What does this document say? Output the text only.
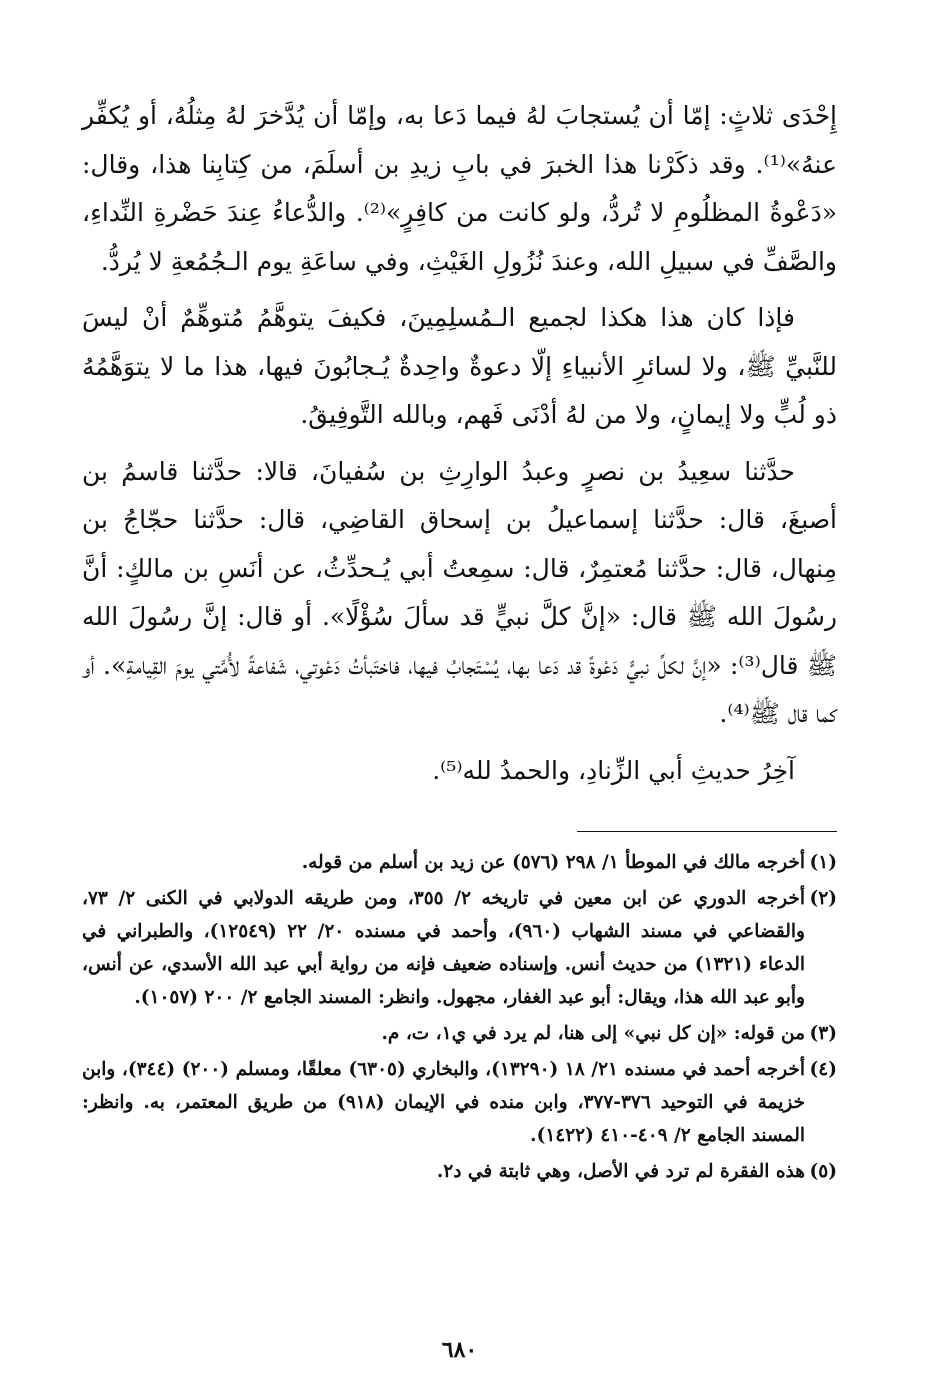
إِحْدَى ثلاثٍ: إمّا أن يُستجابَ لهُ فيما دَعا به، وإمّا أن يُدَّخرَ لهُ مِثلُهُ، أو يُكفِّر عنهُ»⁽¹⁾. وقد ذكَرْنا هذا الخبرَ في بابِ زيدِ بن أسلَمَ، من كِتابِنا هذا، وقال: «دَعْوةُ المظلُومِ لا تُردُّ، ولو كانت من كافِرٍ»⁽²⁾. والدُّعاءُ عِندَ حَضْرةِ النِّداءِ، والصَّفِّ في سبيلِ الله، وعندَ نُزُولِ الغَيْثِ، وفي ساعَةِ يوم الـجُمُعةِ لا يُردُّ.

فإذا كان هذا هكذا لجميع الـمُسلِمِينَ، فكيفَ يتوهَّمُ مُتوهِّمٌ أنْ ليسَ للنَّبيِّ ﷺ، ولا لسائرِ الأنبياءِ إلّا دعوةٌ واحِدةٌ يُـجابُونَ فيها، هذا ما لا يتوَهَّمُهُ ذو لُبٍّ ولا إيمانٍ، ولا من لهُ أدْنَى فَهم، وبالله التَّوفِيقُ.

حدَّثنا سعِيدُ بن نصرٍ وعبدُ الوارِثِ بن سُفيانَ، قالا: حدَّثنا قاسمُ بن أصبغَ، قال: حدَّثنا إسماعيلُ بن إسحاق القاضِي، قال: حدَّثنا حجّاجُ بن مِنهال، قال: حدَّثنا مُعتمِرٌ، قال: سمِعتُ أبي يُـحدِّثُ، عن أنَسِ بن مالكٍ: أنَّ رسُولَ الله ﷺ قال: «إنَّ كلَّ نبيٍّ قد سألَ سُؤْلًا». أو قال: إنَّ رسُولَ الله ﷺ قال⁽³⁾: «إنَّ لكلِّ نبيٍّ دَعْوةً قد دَعا بها، يُسْتَجابُ فيها، فاختَبأتُ دَعْوتي، شَفاعةً لأُمَّتي يومَ القِيامةِ». أو كما قال ﷺ⁽⁴⁾.

آخِرُ حديثِ أبي الزِّنادِ، والحمدُ لله⁽⁵⁾.

(١)أخرجه مالك في الموطأ ١/ ٢٩٨ (٥٧٦) عن زيد بن أسلم من قوله.

(٢)أخرجه الدوري عن ابن معين في تاريخه ٢/ ٣٥٥، ومن طريقه الدولابي في الكنى ٢/ ٧٣، والقضاعي في مسند الشهاب (٩٦٠)، وأحمد في مسنده ٢٠/ ٢٢ (١٢٥٤٩)، والطبراني في الدعاء (١٣٢١) من حديث أنس. وإسناده ضعيف فإنه من رواية أبي عبد الله الأسدي، عن أنس، وأبو عبد الله هذا، ويقال: أبو عبد الغفار، مجهول. وانظر: المسند الجامع ٢/ ٢٠٠ (١٠٥٧).

(٣)من قوله: «إن كل نبي» إلى هنا، لم يرد في ي١، ت، م.

(٤)أخرجه أحمد في مسنده ٢١/ ١٨ (١٣٢٩٠)، والبخاري (٦٣٠٥) معلقًا، ومسلم (٢٠٠) (٣٤٤)، وابن خزيمة في التوحيد ٣٧٦-٣٧٧، وابن منده في الإيمان (٩١٨) من طريق المعتمر، به. وانظر: المسند الجامع ٢/ ٤٠٩-٤١٠ (١٤٢٢).

(٥)هذه الفقرة لم ترد في الأصل، وهي ثابتة في د٢.

٦٨٠
